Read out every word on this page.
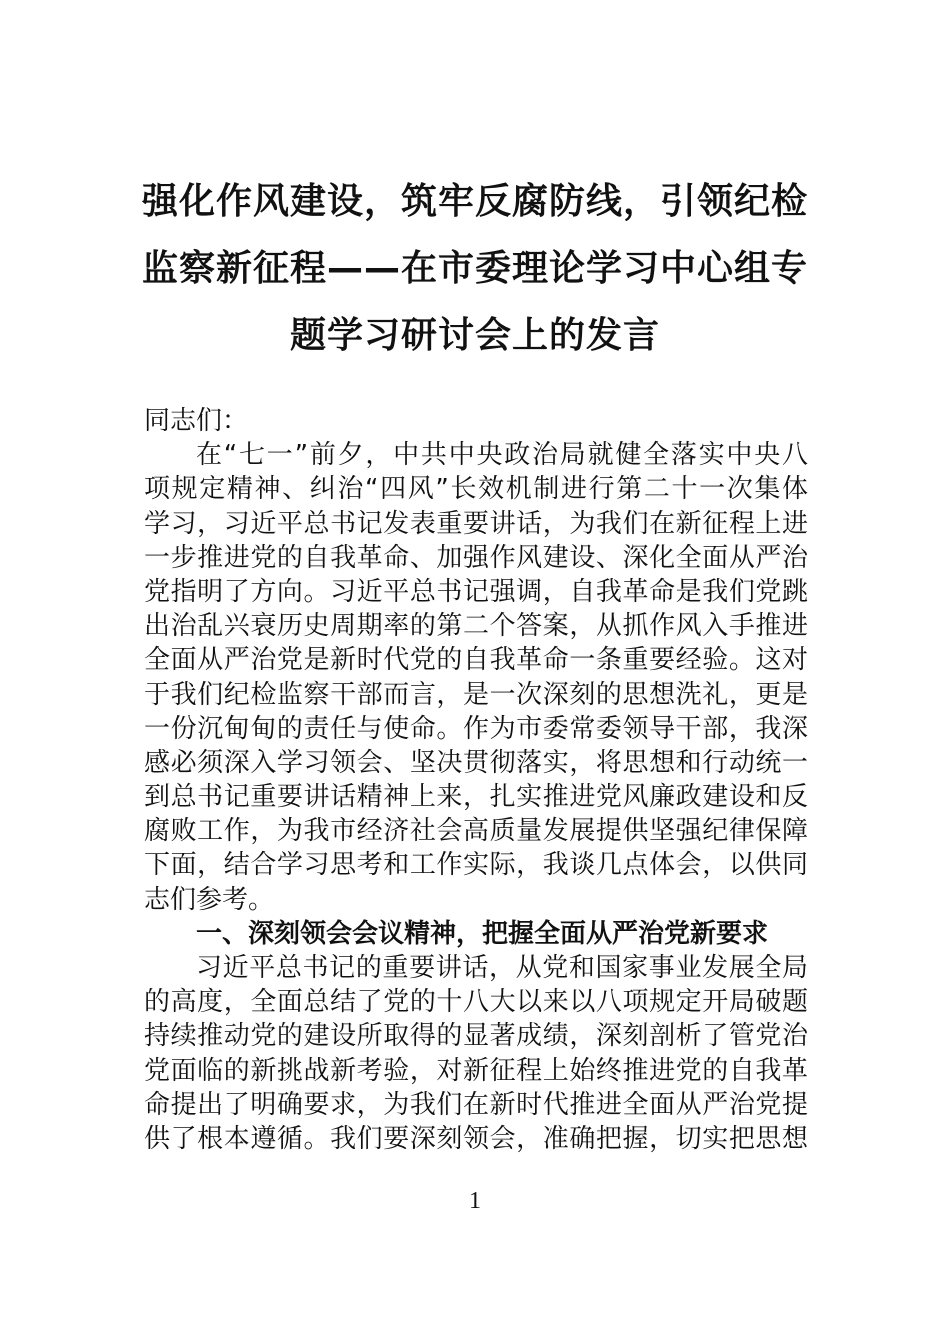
强化作风建设，筑牢反腐防线，引领纪检
监察新征程——在市委理论学习中心组专
题学习研讨会上的发言
同志们：
在“七一”前夕，中共中央政治局就健全落实中央八
项规定精神、纠治“四风”长效机制进行第二十一次集体
学习，习近平总书记发表重要讲话，为我们在新征程上进
一步推进党的自我革命、加强作风建设、深化全面从严治
党指明了方向。习近平总书记强调，自我革命是我们党跳
出治乱兴衰历史周期率的第二个答案，从抓作风入手推进
全面从严治党是新时代党的自我革命一条重要经验。这对
于我们纪检监察干部而言，是一次深刻的思想洗礼，更是
一份沉甸甸的责任与使命。作为市委常委领导干部，我深
感必须深入学习领会、坚决贯彻落实，将思想和行动统一
到总书记重要讲话精神上来，扎实推进党风廉政建设和反
腐败工作，为我市经济社会高质量发展提供坚强纪律保障
下面，结合学习思考和工作实际，我谈几点体会，以供同
志们参考。
一、深刻领会会议精神，把握全面从严治党新要求
习近平总书记的重要讲话，从党和国家事业发展全局
的高度，全面总结了党的十八大以来以八项规定开局破题
持续推动党的建设所取得的显著成绩，深刻剖析了管党治
党面临的新挑战新考验，对新征程上始终推进党的自我革
命提出了明确要求，为我们在新时代推进全面从严治党提
供了根本遵循。我们要深刻领会，准确把握，切实把思想
1
